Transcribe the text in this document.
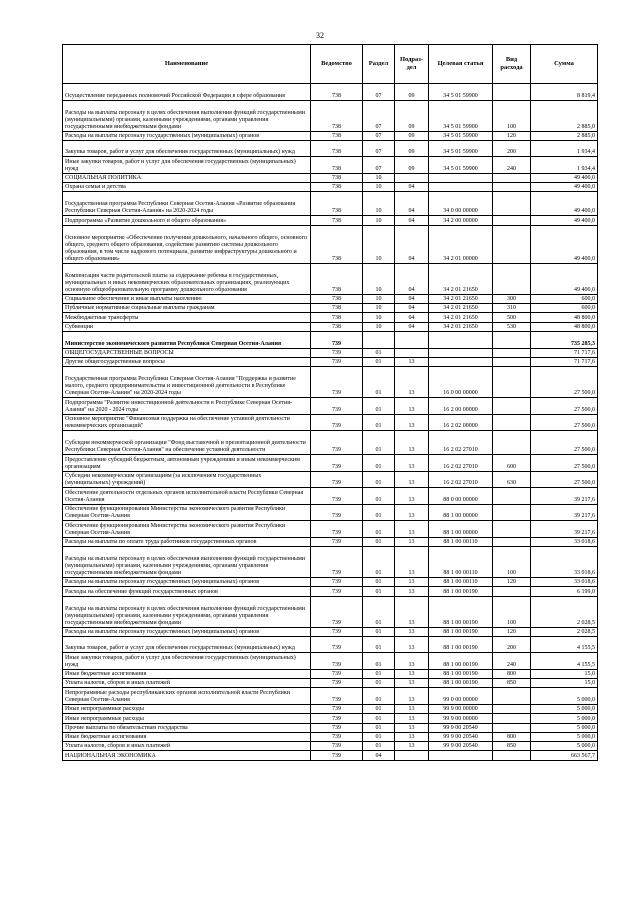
32
Наименование	Ведомство	Раздел	Подраз- дел	Целевая статья	Вид расхода	Сумма
Осуществление переданных полномочий Российской Федерации в сфере образования	738	07	09	34 5 01 59900		8 819,4
Расходы на выплаты персоналу в целях обеспечения выполнения функций государственными (муниципальными) органами, казенными учреждениями, органами управления государственными внебюджетными фондами	738	07	09	34 5 01 59900	100	2 885,0
Расходы на выплаты персоналу государственных (муниципальных) органов	738	07	09	34 5 01 59900	120	2 885,0
Закупка товаров, работ и услуг для обеспечения государственных (муниципальных) нужд	738	07	09	34 5 01 59900	200	1 934,4
Иные закупки товаров, работ и услуг для обеспечения государственных (муниципальных) нужд	738	07	09	34 5 01 59900	240	1 934,4
СОЦИАЛЬНАЯ ПОЛИТИКА	738	10				49 400,0
Охрана семьи и детства	738	10	04			49 400,0
Государственная программа Республики Северная Осетия-Алания «Развитие образования Республики Северная Осетия-Алания» на 2020-2024 годы	738	10	04	34 0 00 00000		49 400,0
Подпрограмма «Развитие дошкольного и общего образования»	738	10	04	34 2 00 00000		49 400,0
Основное мероприятие «Обеспечение получения дошкольного, начального общего, основного общего, среднего общего образования, содействие развитию системы дошкольного образования, в том числе кадрового потенциала, развитие инфраструктуры дошкольного и общего образования»	738	10	04	34 2 01 00000		49 400,0
Компенсация части родительской платы за содержание ребенка в государственных, муниципальных и иных некоммерческих образовательных организациях, реализующих основную общеобразовательную программу дошкольного образования	738	10	04	34 2 01 21650		49 400,0
Социальное обеспечение и иные выплаты населению	738	10	04	34 2 01 21650	300	600,0
Публичные нормативные социальные выплаты гражданам	738	10	04	34 2 01 21650	310	600,0
Межбюджетные трансферты	738	10	04	34 2 01 21650	500	48 800,0
Субвенции	738	10	04	34 2 01 21650	530	48 800,0
Министерство экономического развития Республики Северная Осетия-Алания	739					735 285,3
ОБЩЕГОСУДАРСТВЕННЫЕ ВОПРОСЫ	739	01				71 717,6
Другие общегосударственные вопросы	739	01	13			71 717,6
Государственная программа Республики Северная Осетия-Алания "Поддержка и развитие малого, среднего предпринимательства и инвестиционной деятельности в Республике Северная Осетия-Алания" на 2020-2024 годы	739	01	13	16 0 00 00000		27 500,0
Подпрограмма "Развитие инвестиционной деятельности в Республике Северная Осетия-Алания" на 2020 - 2024 годы	739	01	13	16 2 00 00000		27 500,0
Основное мероприятие "Финансовая поддержка на обеспечение уставной деятельности некоммерческих организаций"	739	01	13	16 2 02 00000		27 500,0
Субсидия некоммерческой организации "Фонд выставочной и презентационной деятельности Республики Северная Осетия-Алания" на обеспечение уставной деятельности	739	01	13	16 2 02 27010		27 500,0
Предоставление субсидий бюджетным, автономным учреждениям и иным некоммерческим организациям	739	01	13	16 2 02 27010	600	27 500,0
Субсидии некоммерческим организациям (за исключением государственных (муниципальных) учреждений)	739	01	13	16 2 02 27010	630	27 500,0
Обеспечение деятельности отдельных органов исполнительной власти Республики Северная Осетия-Алания	739	01	13	88 0 00 00000		39 217,6
Обеспечение функционирования Министерства экономического развития Республики Северная Осетия-Алания	739	01	13	88 1 00 00000		39 217,6
Обеспечение функционирования Министерства экономического развития Республики Северная Осетия-Алания	739	01	13	88 1 00 00000		39 217,6
Расходы на выплаты по оплате труда работников государственных органов	739	01	13	88 1 00 00110		33 018,6
Расходы на выплаты персоналу в целях обеспечения выполнения функций государственными (муниципальными) органами, казенными учреждениями, органами управления государственными внебюджетными фондами	739	01	13	88 1 00 00110	100	33 018,6
Расходы на выплаты персоналу государственных (муниципальных) органов	739	01	13	88 1 00 00110	120	33 018,6
Расходы на обеспечение функций государственных органов	739	01	13	88 1 00 00190		6 199,0
Расходы на выплаты персоналу в целях обеспечения выполнения функций государственными (муниципальными) органами, казенными учреждениями, органами управления государственными внебюджетными фондами	739	01	13	88 1 00 00190	100	2 028,5
Расходы на выплаты персоналу государственных (муниципальных) органов	739	01	13	88 1 00 00190	120	2 028,5
Закупка товаров, работ и услуг для обеспечения государственных (муниципальных) нужд	739	01	13	88 1 00 00190	200	4 155,5
Иные закупки товаров, работ и услуг для обеспечения государственных (муниципальных) нужд	739	01	13	88 1 00 00190	240	4 155,5
Иные бюджетные ассигнования	739	01	13	88 1 00 00190	800	15,0
Уплата налогов, сборов и иных платежей	739	01	13	88 1 00 00190	850	15,0
Непрограммные расходы республиканских органов исполнительной власти Республики Северная Осетия-Алания	739	01	13	99 0 00 00000		5 000,0
Иные непрограммные расходы	739	01	13	99 9 00 00000		5 000,0
Иные непрограммные расходы	739	01	13	99 9 00 00000		5 000,0
Прочие выплаты по обязательствам государства	739	01	13	99 9 00 20540		5 000,0
Иные бюджетные ассигнования	739	01	13	99 9 00 20540	800	5 000,0
Уплата налогов, сборов и иных платежей	739	01	13	99 9 00 20540	850	5 000,0
НАЦИОНАЛЬНАЯ ЭКОНОМИКА	739	04				663 567,7
